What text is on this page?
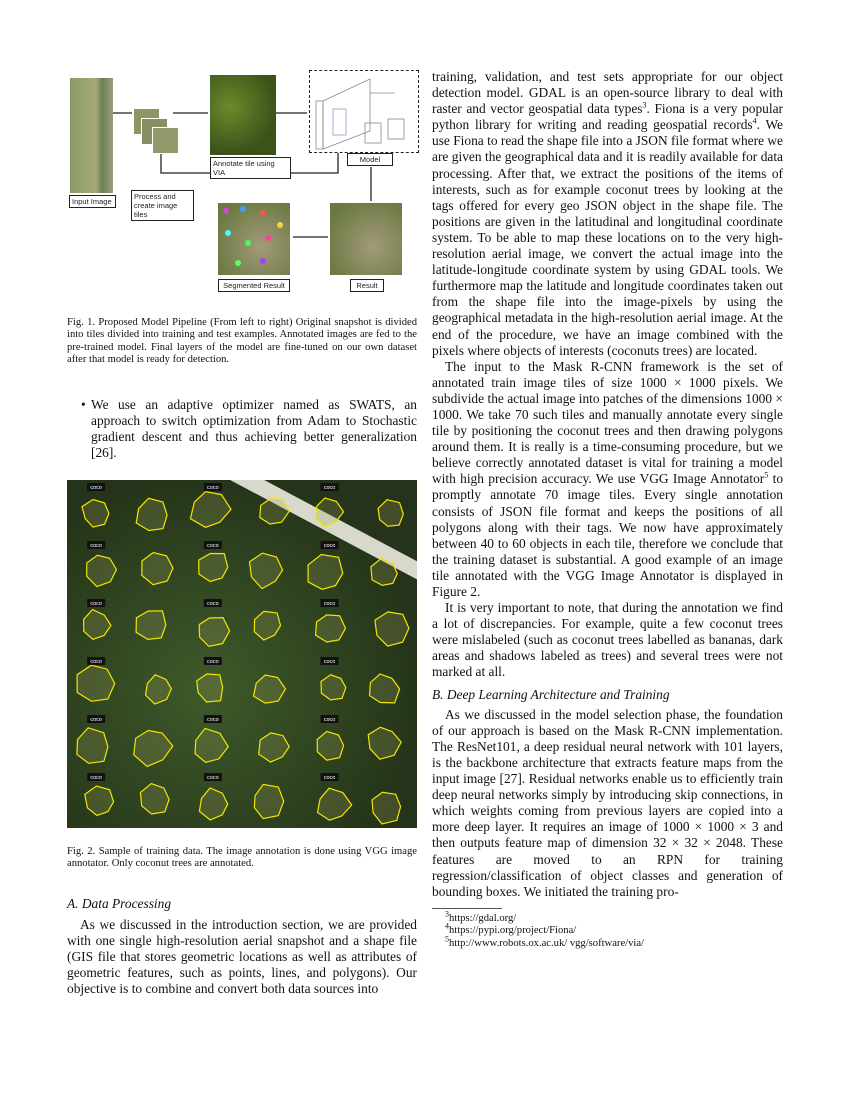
Input Image
Process and create image tiles
Annotate tile using VIA
Model
Result
Segmented Result
Fig. 1. Proposed Model Pipeline (From left to right) Original snapshot is divided into tiles divided into training and test examples. Annotated images are fed to the pre-trained model. Final layers of the model are fine-tuned on our own dataset after that model is ready for detection.
• We use an adaptive optimizer named as SWATS, an approach to switch optimization from Adam to Stochastic gradient descent and thus achieving better generalization [26].
coco	coco	coco
coco	coco	coco
coco	coco	coco
coco	coco	coco
coco	coco	coco
coco	coco	coco
Fig. 2. Sample of training data. The image annotation is done using VGG image annotator. Only coconut trees are annotated.
A. Data Processing

As we discussed in the introduction section, we are provided with one single high-resolution aerial snapshot and a shape file (GIS file that stores geometric locations as well as attributes of geometric features, such as points, lines, and polygons). Our objective is to combine and convert both data sources into

training, validation, and test sets appropriate for our object detection model. GDAL is an open-source library to deal with raster and vector geospatial data types$^3$. Fiona is a very popular python library for writing and reading geospatial records$^4$. We use Fiona to read the shape file into a JSON file format where we are given the geographical data and it is readily available for data processing. After that, we extract the positions of the items of interests, such as for example coconut trees by looking at the tags offered for every geo JSON object in the shape file. The positions are given in the latitudinal and longitudinal coordinate system. To be able to map these locations on to the very high-resolution aerial image, we convert the actual image into the latitude-longitude coordinate system by using GDAL tools. We furthermore map the latitude and longitude coordinates taken out from the shape file into the image-pixels by using the geographical metadata in the high-resolution aerial image. At the end of the procedure, we have an image combined with the pixels where objects of interests (coconuts trees) are located.

The input to the Mask R-CNN framework is the set of annotated train image tiles of size 1000 × 1000 pixels. We subdivide the actual image into patches of the dimensions 1000 × 1000. We take 70 such tiles and manually annotate every single tile by positioning the coconut trees and then drawing polygons around them. It is really is a time-consuming procedure, but we believe correctly annotated dataset is vital for training a model with high precision accuracy. We use VGG Image Annotator$^5$ to promptly annotate 70 image tiles. Every single annotation consists of JSON file format and keeps the positions of all polygons along with their tags. We now have approximately between 40 to 60 objects in each tile, therefore we conclude that the training dataset is substantial. A good example of an image tile annotated with the VGG Image Annotator is displayed in Figure 2.

It is very important to note, that during the annotation we find a lot of discrepancies. For example, quite a few coconut trees were mislabeled (such as coconut trees labelled as bananas, dark areas and shadows labeled as trees) and several trees were not marked at all.

B. Deep Learning Architecture and Training

As we discussed in the model selection phase, the foundation of our approach is based on the Mask R-CNN implementation. The ResNet101, a deep residual neural network with 101 layers, is the backbone architecture that extracts feature maps from the input image [27]. Residual networks enable us to efficiently train deep neural networks simply by introducing skip connections, in which weights coming from previous layers are copied into a more deep layer. It requires an image of 1000 × 1000 × 3 and then outputs feature map of dimension 32 × 32 × 2048. These features are moved to an RPN for training regression/classification of object classes and generation of bounding boxes. We initiated the training pro-

$^3$https://gdal.org/
$^4$https://pypi.org/project/Fiona/
$^5$http://www.robots.ox.ac.uk/ vgg/software/via/
